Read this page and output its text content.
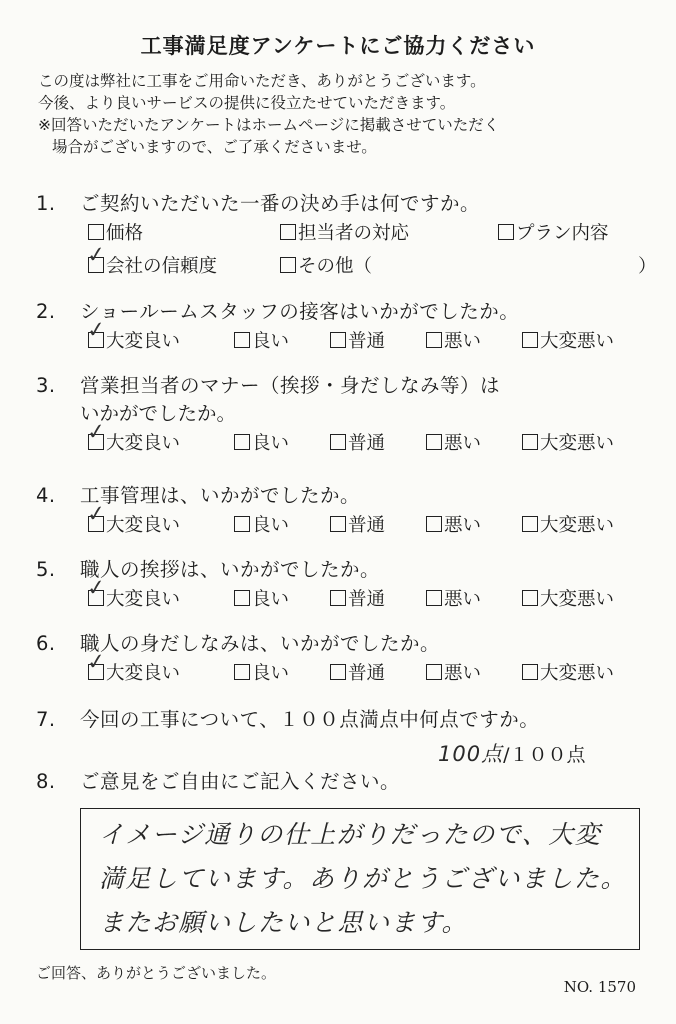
工事満足度アンケートにご協力ください
この度は弊社に工事をご用命いただき、ありがとうございます。
今後、より良いサービスの提供に役立たせていただきます。
※回答いただいたアンケートはホームページに掲載させていただく
場合がございますので、ご了承くださいませ。
1. ご契約いただいた一番の決め手は何ですか。
価格	担当者の対応	プラン内容
✓ 会社の信頼度	その他（	）
2. ショールームスタッフの接客はいかがでしたか。
✓ 大変良い	良い	普通	悪い	大変悪い
3. 営業担当者のマナー（挨拶・身だしなみ等）は
いかがでしたか。
✓ 大変良い	良い	普通	悪い	大変悪い
4. 工事管理は、いかがでしたか。
✓ 大変良い	良い	普通	悪い	大変悪い
5. 職人の挨拶は、いかがでしたか。
✓ 大変良い	良い	普通	悪い	大変悪い
6. 職人の身だしなみは、いかがでしたか。
✓ 大変良い	良い	普通	悪い	大変悪い
7. 今回の工事について、１００点満点中何点ですか。
100点/１００点
8. ご意見をご自由にご記入ください。
イメージ通りの仕上がりだったので、大変
満足しています。ありがとうございました。
またお願いしたいと思います。
ご回答、ありがとうございました。
NO. 1570
